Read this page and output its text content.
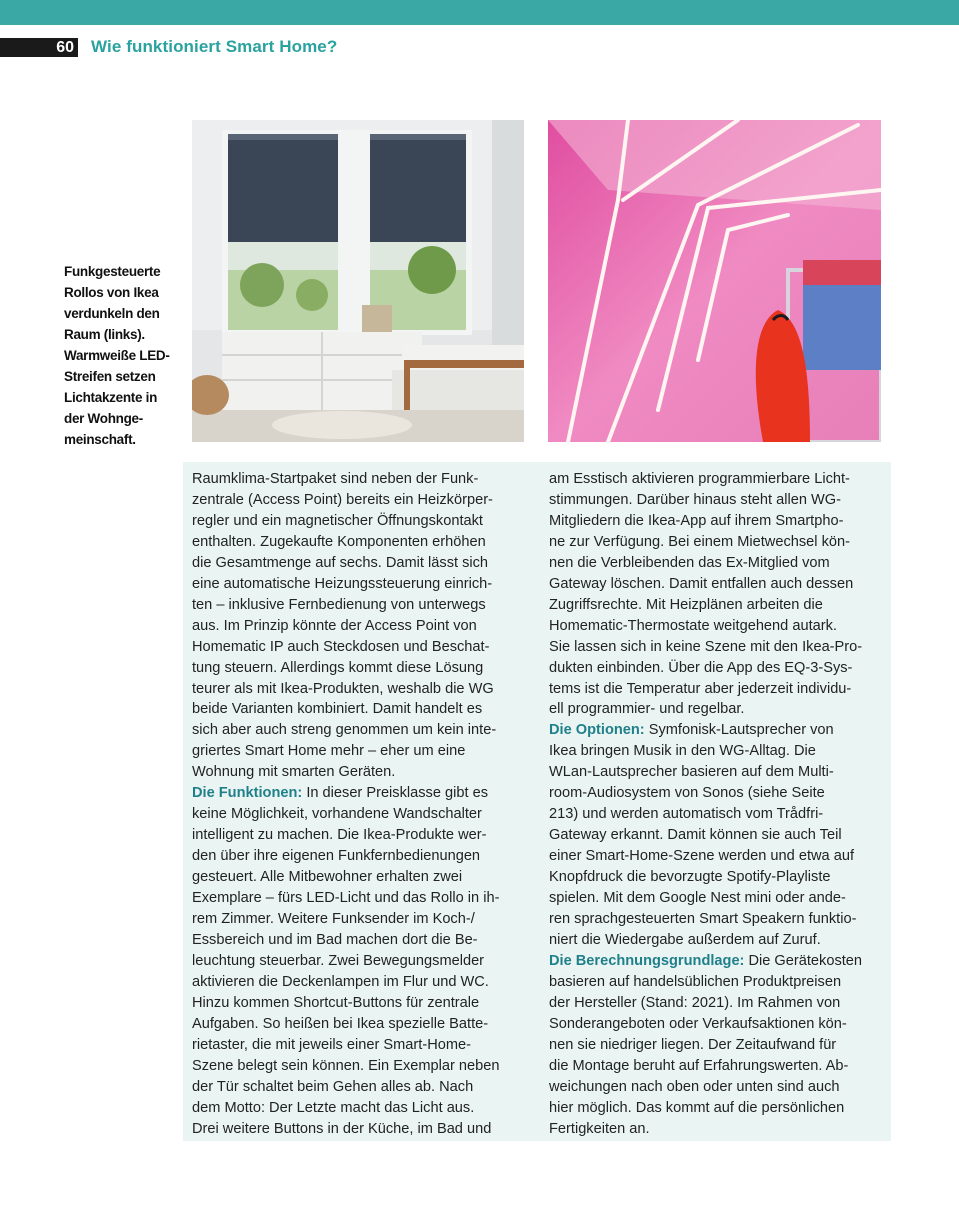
60 Wie funktioniert Smart Home?
Funkgesteuerte
Rollos von Ikea
verdunkeln den
Raum (links).
Warmweiße LED-
Streifen setzen
Lichtakzente in
der Wohnge-
meinschaft.
Raumklima-Startpaket sind neben der Funk-
zentrale (Access Point) bereits ein Heizkörper-
regler und ein magnetischer Öffnungskontakt
enthalten. Zugekaufte Komponenten erhöhen
die Gesamtmenge auf sechs. Damit lässt sich
eine automatische Heizungssteuerung einrich-
ten – inklusive Fernbedienung von unterwegs
aus. Im Prinzip könnte der Access Point von
Homematic IP auch Steckdosen und Beschat-
tung steuern. Allerdings kommt diese Lösung
teurer als mit Ikea-Produkten, weshalb die WG
beide Varianten kombiniert. Damit handelt es
sich aber auch streng genommen um kein inte-
griertes Smart Home mehr – eher um eine
Wohnung mit smarten Geräten.
Die Funktionen: In dieser Preisklasse gibt es
keine Möglichkeit, vorhandene Wandschalter
intelligent zu machen. Die Ikea-Produkte wer-
den über ihre eigenen Funkfernbedienungen
gesteuert. Alle Mitbewohner erhalten zwei
Exemplare – fürs LED-Licht und das Rollo in ih-
rem Zimmer. Weitere Funksender im Koch-/
Essbereich und im Bad machen dort die Be-
leuchtung steuerbar. Zwei Bewegungsmelder
aktivieren die Deckenlampen im Flur und WC.
Hinzu kommen Shortcut-Buttons für zentrale
Aufgaben. So heißen bei Ikea spezielle Batte-
rietaster, die mit jeweils einer Smart-Home-
Szene belegt sein können. Ein Exemplar neben
der Tür schaltet beim Gehen alles ab. Nach
dem Motto: Der Letzte macht das Licht aus.
Drei weitere Buttons in der Küche, im Bad und
am Esstisch aktivieren programmierbare Licht-
stimmungen. Darüber hinaus steht allen WG-
Mitgliedern die Ikea-App auf ihrem Smartpho-
ne zur Verfügung. Bei einem Mietwechsel kön-
nen die Verbleibenden das Ex-Mitglied vom
Gateway löschen. Damit entfallen auch dessen
Zugriffsrechte. Mit Heizplänen arbeiten die
Homematic-Thermostate weitgehend autark.
Sie lassen sich in keine Szene mit den Ikea-Pro-
dukten einbinden. Über die App des EQ-3-Sys-
tems ist die Temperatur aber jederzeit individu-
ell programmier- und regelbar.
Die Optionen: Symfonisk-Lautsprecher von
Ikea bringen Musik in den WG-Alltag. Die
WLan-Lautsprecher basieren auf dem Multi-
room-Audiosystem von Sonos (siehe Seite
213) und werden automatisch vom Trådfri-
Gateway erkannt. Damit können sie auch Teil
einer Smart-Home-Szene werden und etwa auf
Knopfdruck die bevorzugte Spotify-Playliste
spielen. Mit dem Google Nest mini oder ande-
ren sprachgesteuerten Smart Speakern funktio-
niert die Wiedergabe außerdem auf Zuruf.
Die Berechnungsgrundlage: Die Gerätekosten
basieren auf handelsüblichen Produktpreisen
der Hersteller (Stand: 2021). Im Rahmen von
Sonderangeboten oder Verkaufsaktionen kön-
nen sie niedriger liegen. Der Zeitaufwand für
die Montage beruht auf Erfahrungswerten. Ab-
weichungen nach oben oder unten sind auch
hier möglich. Das kommt auf die persönlichen
Fertigkeiten an.
